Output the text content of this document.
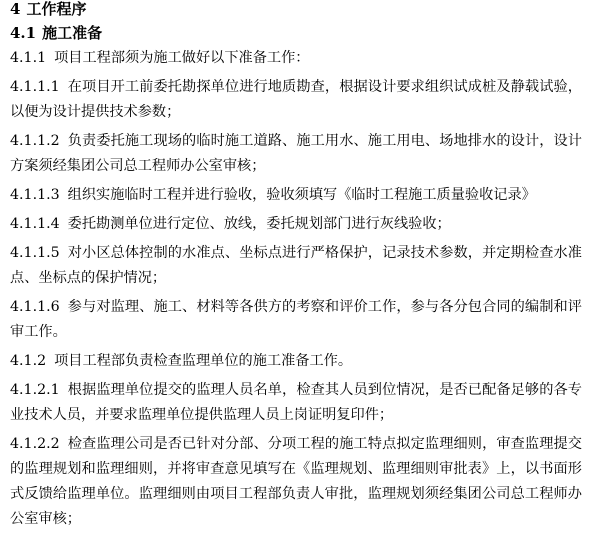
4 工作程序
4.1 施工准备

4.1.1 项目工程部须为施工做好以下准备工作：

4.1.1.1 在项目开工前委托勘探单位进行地质勘查，根据设计要求组织试成桩及静载试验，以便为设计提供技术参数；

4.1.1.2 负责委托施工现场的临时施工道路、施工用水、施工用电、场地排水的设计，设计方案须经集团公司总工程师办公室审核；

4.1.1.3 组织实施临时工程并进行验收，验收须填写《临时工程施工质量验收记录》

4.1.1.4 委托勘测单位进行定位、放线，委托规划部门进行灰线验收；

4.1.1.5 对小区总体控制的水准点、坐标点进行严格保护，记录技术参数，并定期检查水准点、坐标点的保护情况；

4.1.1.6 参与对监理、施工、材料等各供方的考察和评价工作，参与各分包合同的编制和评审工作。

4.1.2 项目工程部负责检查监理单位的施工准备工作。

4.1.2.1 根据监理单位提交的监理人员名单，检查其人员到位情况，是否已配备足够的各专业技术人员，并要求监理单位提供监理人员上岗证明复印件；

4.1.2.2 检查监理公司是否已针对分部、分项工程的施工特点拟定监理细则，审查监理提交的监理规划和监理细则，并将审查意见填写在《监理规划、监理细则审批表》上，以书面形式反馈给监理单位。监理细则由项目工程部负责人审批，监理规划须经集团公司总工程师办公室审核；
